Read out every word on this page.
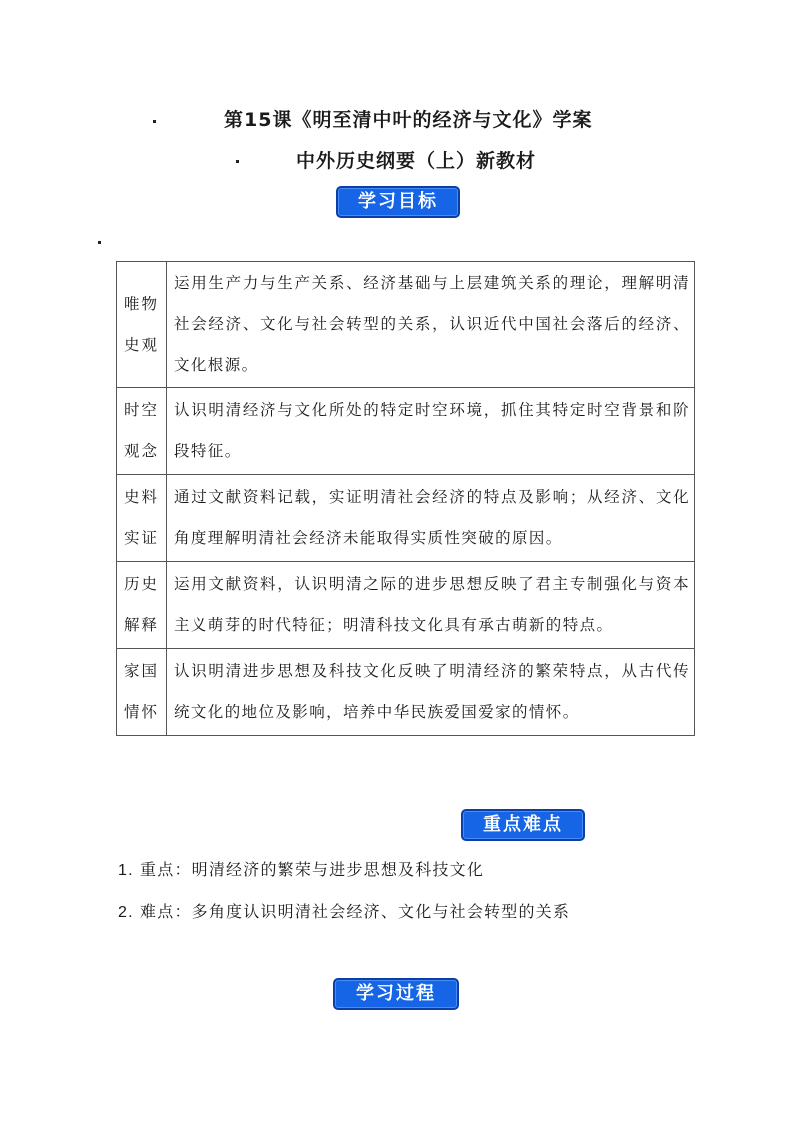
第15课《明至清中叶的经济与文化》学案
中外历史纲要（上）新教材
学习目标
唯物史观	运用生产力与生产关系、经济基础与上层建筑关系的理论，理解明清社会经济、文化与社会转型的关系，认识近代中国社会落后的经济、文化根源。
时空观念	认识明清经济与文化所处的特定时空环境，抓住其特定时空背景和阶段特征。
史料实证	通过文献资料记载，实证明清社会经济的特点及影响；从经济、文化角度理解明清社会经济未能取得实质性突破的原因。
历史解释	运用文献资料，认识明清之际的进步思想反映了君主专制强化与资本主义萌芽的时代特征；明清科技文化具有承古萌新的特点。
家国情怀	认识明清进步思想及科技文化反映了明清经济的繁荣特点，从古代传统文化的地位及影响，培养中华民族爱国爱家的情怀。
重点难点
1. 重点：明清经济的繁荣与进步思想及科技文化
2. 难点：多角度认识明清社会经济、文化与社会转型的关系
学习过程
